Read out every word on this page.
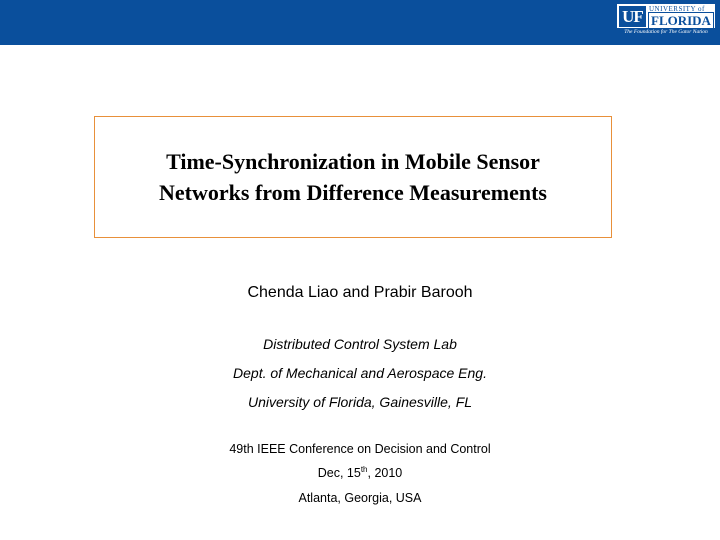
UF UNIVERSITY of
FLORIDA
The Foundation for The Gator Nation
Time-Synchronization in Mobile Sensor
Networks from Difference Measurements
Chenda Liao and Prabir Barooh
Distributed Control System Lab
Dept. of Mechanical and Aerospace Eng.
University of Florida, Gainesville, FL
49th IEEE Conference on Decision and Control
Dec, 15th, 2010
Atlanta, Georgia, USA
